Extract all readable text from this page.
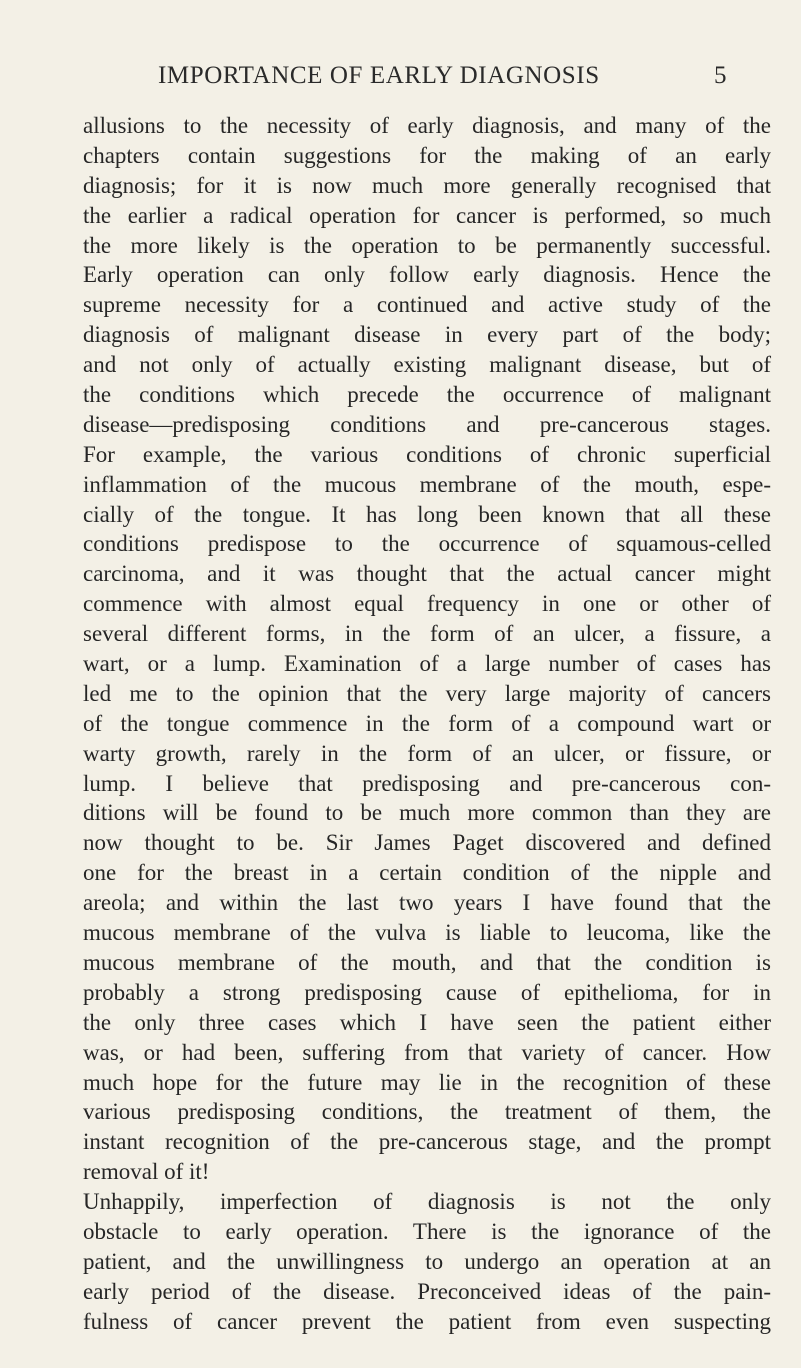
IMPORTANCE OF EARLY DIAGNOSIS	5
allusions to the necessity of early diagnosis, and many of the
chapters contain suggestions for the making of an early
diagnosis; for it is now much more generally recognised that
the earlier a radical operation for cancer is performed, so much
the more likely is the operation to be permanently successful.
Early operation can only follow early diagnosis. Hence the
supreme necessity for a continued and active study of the
diagnosis of malignant disease in every part of the body;
and not only of actually existing malignant disease, but of
the conditions which precede the occurrence of malignant
disease—predisposing conditions and pre-cancerous stages.
For example, the various conditions of chronic superficial
inflammation of the mucous membrane of the mouth, espe-
cially of the tongue. It has long been known that all these
conditions predispose to the occurrence of squamous-celled
carcinoma, and it was thought that the actual cancer might
commence with almost equal frequency in one or other of
several different forms, in the form of an ulcer, a fissure, a
wart, or a lump. Examination of a large number of cases has
led me to the opinion that the very large majority of cancers
of the tongue commence in the form of a compound wart or
warty growth, rarely in the form of an ulcer, or fissure, or
lump. I believe that predisposing and pre-cancerous con-
ditions will be found to be much more common than they are
now thought to be. Sir James Paget discovered and defined
one for the breast in a certain condition of the nipple and
areola; and within the last two years I have found that the
mucous membrane of the vulva is liable to leucoma, like the
mucous membrane of the mouth, and that the condition is
probably a strong predisposing cause of epithelioma, for in
the only three cases which I have seen the patient either
was, or had been, suffering from that variety of cancer. How
much hope for the future may lie in the recognition of these
various predisposing conditions, the treatment of them, the
instant recognition of the pre-cancerous stage, and the prompt
removal of it!
Unhappily, imperfection of diagnosis is not the only
obstacle to early operation. There is the ignorance of the
patient, and the unwillingness to undergo an operation at an
early period of the disease. Preconceived ideas of the pain-
fulness of cancer prevent the patient from even suspecting
